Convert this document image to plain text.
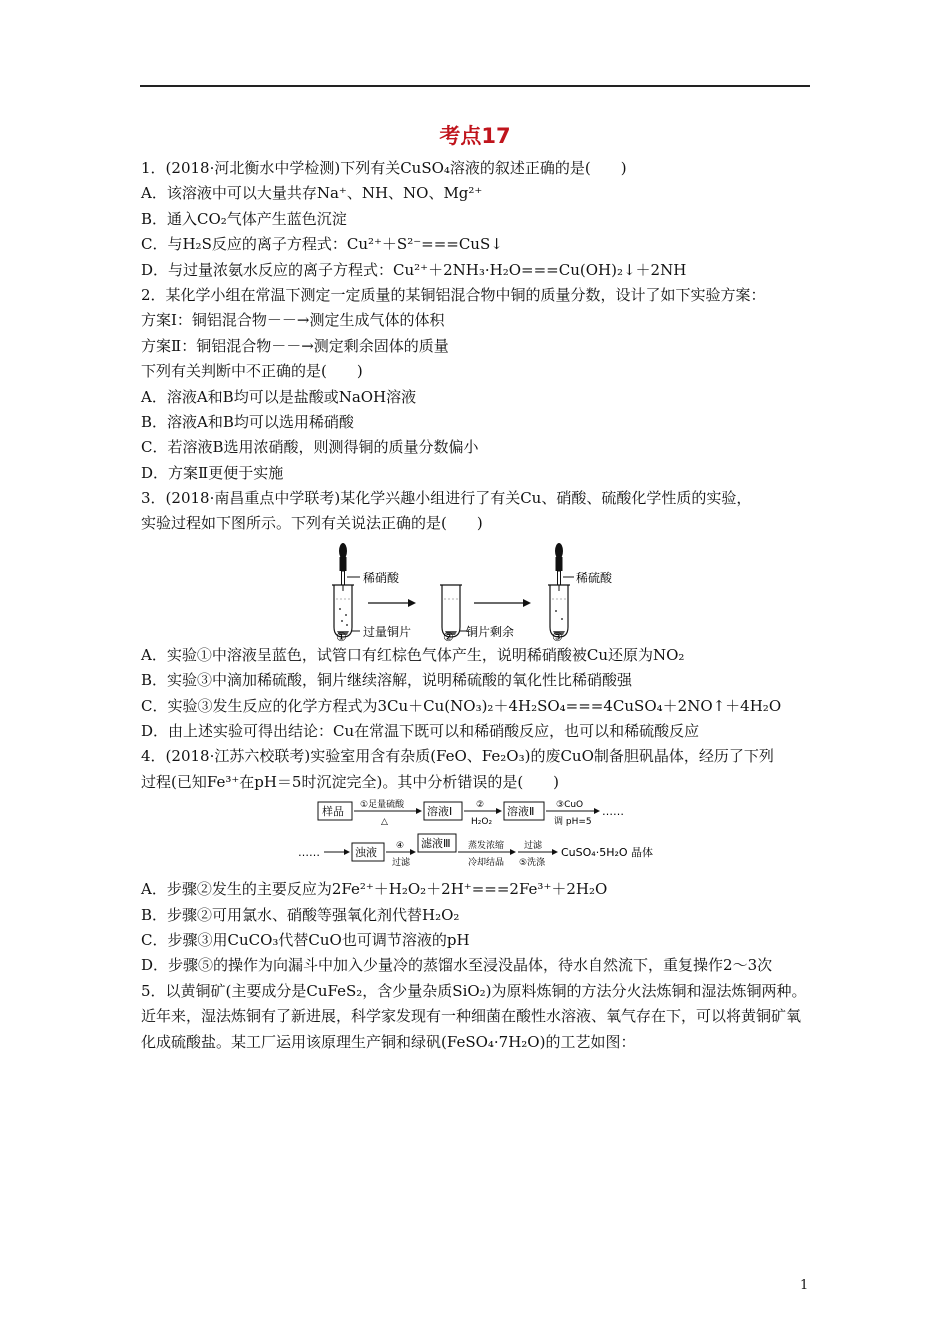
考点17
1．(2018·河北衡水中学检测)下列有关CuSO₄溶液的叙述正确的是(　　)
A．该溶液中可以大量共存Na⁺、NH、NO、Mg²⁺
B．通入CO₂气体产生蓝色沉淀
C．与H₂S反应的离子方程式：Cu²⁺＋S²⁻===CuS↓
D．与过量浓氨水反应的离子方程式：Cu²⁺＋2NH₃·H₂O===Cu(OH)₂↓＋2NH
2．某化学小组在常温下测定一定质量的某铜铝混合物中铜的质量分数，设计了如下实验方案：
方案Ⅰ：铜铝混合物－－→测定生成气体的体积
方案Ⅱ：铜铝混合物－－→测定剩余固体的质量
下列有关判断中不正确的是(　　)
A．溶液A和B均可以是盐酸或NaOH溶液
B．溶液A和B均可以选用稀硝酸
C．若溶液B选用浓硝酸，则测得铜的质量分数偏小
D．方案Ⅱ更便于实施
3．(2018·南昌重点中学联考)某化学兴趣小组进行了有关Cu、硝酸、硫酸化学性质的实验，
实验过程如下图所示。下列有关说法正确的是(　　)
稀硝酸
过量铜片
①	铜片剩余
②
稀硫酸
③
A．实验①中溶液呈蓝色，试管口有红棕色气体产生，说明稀硝酸被Cu还原为NO₂
B．实验③中滴加稀硫酸，铜片继续溶解，说明稀硫酸的氧化性比稀硝酸强
C．实验③发生反应的化学方程式为3Cu＋Cu(NO₃)₂＋4H₂SO₄===4CuSO₄＋2NO↑＋4H₂O
D．由上述实验可得出结论：Cu在常温下既可以和稀硝酸反应，也可以和稀硫酸反应
4．(2018·江苏六校联考)实验室用含有杂质(FeO、Fe₂O₃)的废CuO制备胆矾晶体，经历了下列
过程(已知Fe³⁺在pH＝5时沉淀完全)。其中分析错误的是(　　)
样品 ①足量硫酸
△
溶液Ⅰ	②
H₂O₂
溶液Ⅱ ③CuO
调 pH=5
……
……	浊液 ④
过滤
滤液Ⅲ 蒸发浓缩
冷却结晶
过滤
⑤洗涤
CuSO₄·5H₂O 晶体
A．步骤②发生的主要反应为2Fe²⁺＋H₂O₂＋2H⁺===2Fe³⁺＋2H₂O
B．步骤②可用氯水、硝酸等强氧化剂代替H₂O₂
C．步骤③用CuCO₃代替CuO也可调节溶液的pH
D．步骤⑤的操作为向漏斗中加入少量冷的蒸馏水至浸没晶体，待水自然流下，重复操作2～3次
5．以黄铜矿(主要成分是CuFeS₂，含少量杂质SiO₂)为原料炼铜的方法分火法炼铜和湿法炼铜两种。近年来，湿法炼铜有了新进展，科学家发现有一种细菌在酸性水溶液、氧气存在下，可以将黄铜矿氧化成硫酸盐。某工厂运用该原理生产铜和绿矾(FeSO₄·7H₂O)的工艺如图：
1
